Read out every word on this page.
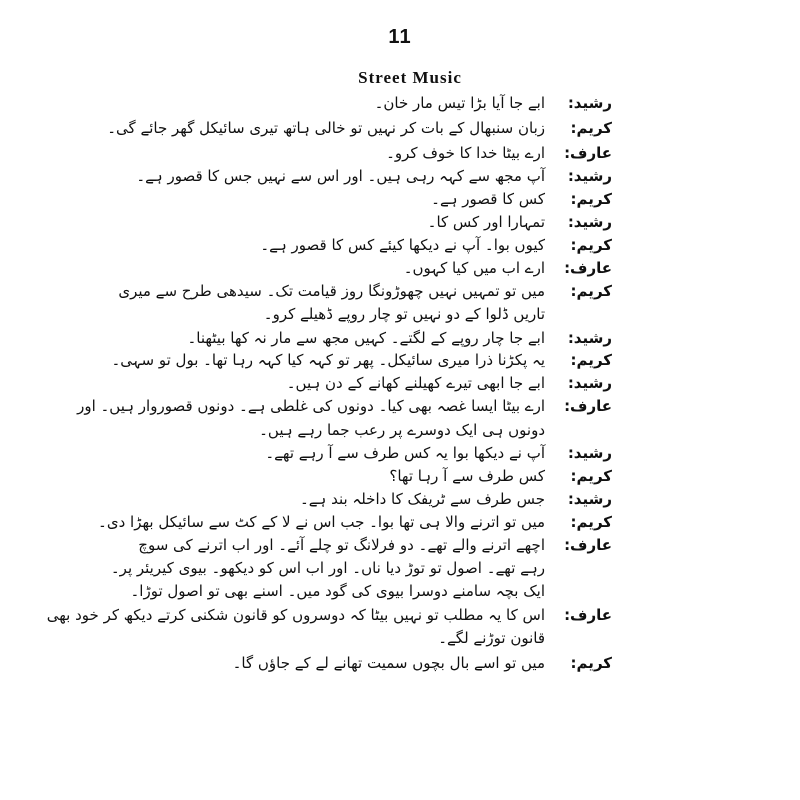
11
Street Music
رشید:
ابے جا آیا بڑا تیس مار خان۔
کریم:
زبان سنبھال کے بات کر نہیں تو خالی ہاتھ تیری سائیکل گھر جائے گی۔
عارف:
ارے بیٹا خدا کا خوف کرو۔
رشید:
آپ مجھ سے کہہ رہی ہیں۔ اور اس سے نہیں جس کا قصور ہے۔
کریم:
کس کا قصور ہے۔
رشید:
تمہارا اور کس کا۔
کریم:
کیوں بوا۔ آپ نے دیکھا کیئے کس کا قصور ہے۔
عارف:
ارے اب میں کیا کہوں۔
کریم:
میں تو تمہیں نہیں چھوڑونگا روز قیامت تک۔ سیدھی طرح سے میری
تاریں ڈلوا کے دو نہیں تو چار روپے ڈھیلے کرو۔
رشید:
ابے جا چار روپے کے لگتے۔ کہیں مجھ سے مار نہ کھا بیٹھنا۔
کریم:
یہ پکڑنا ذرا میری سائیکل۔ پھر تو کہہ کیا کہہ رہا تھا۔ بول تو سہی۔
رشید:
ابے جا ابھی تیرے کھیلنے کھانے کے دن ہیں۔
عارف:
ارے بیٹا ایسا غصہ بھی کیا۔ دونوں کی غلطی ہے۔ دونوں قصوروار ہیں۔ اور
دونوں ہی ایک دوسرے پر رعب جما رہے ہیں۔
رشید:
آپ نے دیکھا بوا یہ کس طرف سے آ رہے تھے۔
کریم:
کس طرف سے آ رہا تھا؟
رشید:
جس طرف سے ٹریفک کا داخلہ بند ہے۔
کریم:
میں تو اترنے والا ہی تھا بوا۔ جب اس نے لا کے کٹ سے سائیکل بھڑا دی۔
عارف:
اچھے اترنے والے تھے۔ دو فرلانگ تو چلے آئے۔ اور اب اترنے کی سوچ
رہے تھے۔ اصول تو توڑ دیا ناں۔ اور اب اس کو دیکھو۔ بیوی کیریئر پر۔
ایک بچہ سامنے دوسرا بیوی کی گود میں۔ اسنے بھی تو اصول توڑا۔
عارف:
اس کا یہ مطلب تو نہیں بیٹا کہ دوسروں کو قانون شکنی کرتے دیکھ کر خود بھی
قانون توڑنے لگے۔
کریم:
میں تو اسے بال بچوں سمیت تھانے لے کے جاؤں گا۔
